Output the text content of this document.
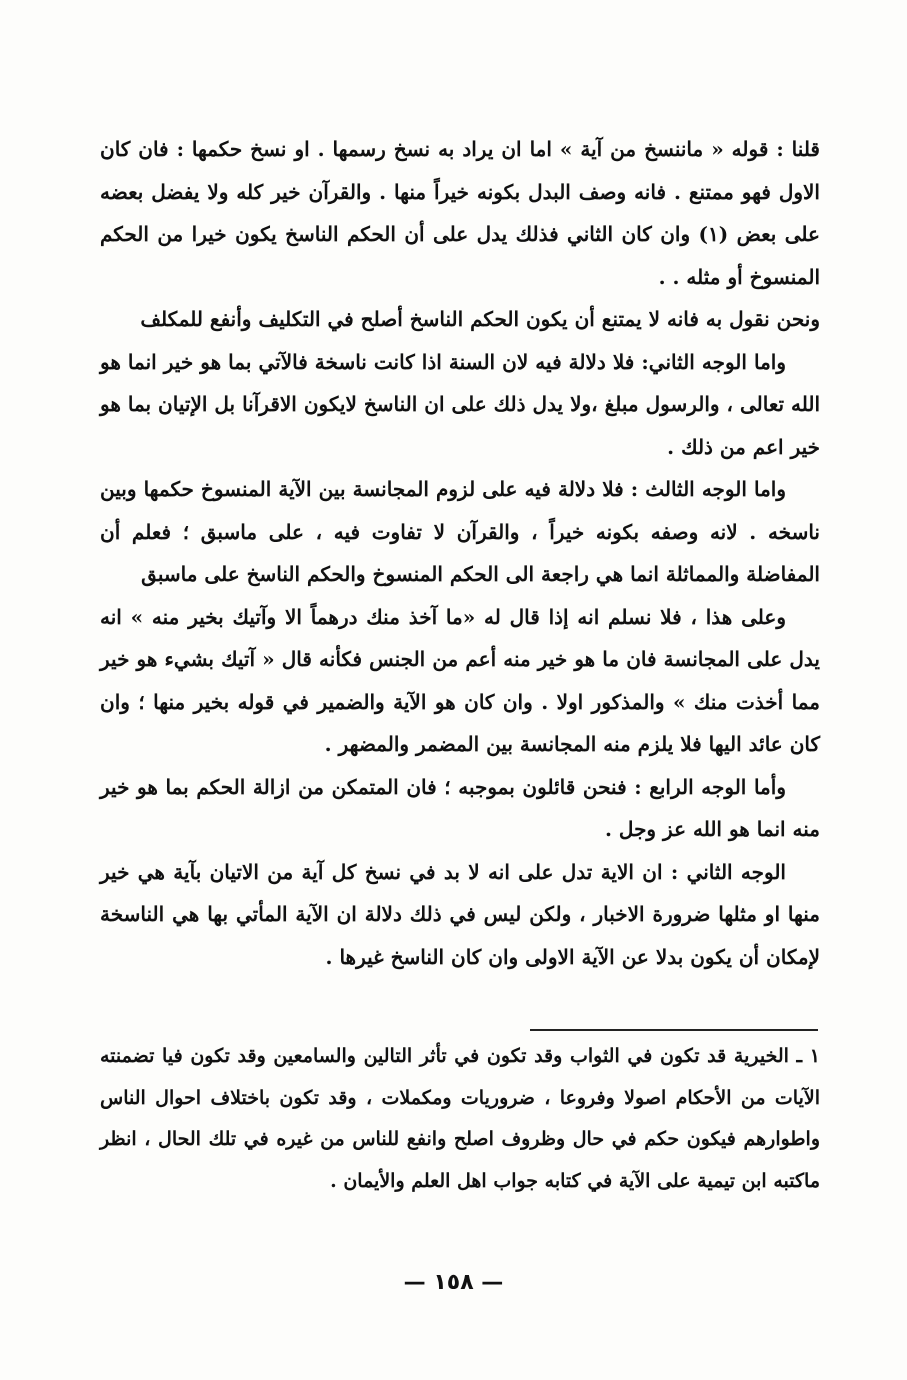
قلنا : قوله « ماننسخ من آية » اما ان يراد به نسخ رسمها . او نسخ حكمها : فان كان الاول فهو ممتنع . فانه وصف البدل بكونه خيراً منها . والقرآن خير كله ولا يفضل بعضه على بعض (١) وان كان الثاني فذلك يدل على أن الحكم الناسخ يكون خيرا من الحكم المنسوخ أو مثله . .

ونحن نقول به فانه لا يمتنع أن يكون الحكم الناسخ أصلح في التكليف وأنفع للمكلف

واما الوجه الثاني: فلا دلالة فيه لان السنة اذا كانت ناسخة فالآتي بما هو خير انما هو الله تعالى ، والرسول مبلغ ،ولا يدل ذلك على ان الناسخ لايكون الاقرآنا بل الإتيان بما هو خير اعم من ذلك .

واما الوجه الثالث : فلا دلالة فيه على لزوم المجانسة بين الآية المنسوخ حكمها وبين ناسخه . لانه وصفه بكونه خيراً ، والقرآن لا تفاوت فيه ، على ماسبق ؛ فعلم أن المفاضلة والمماثلة انما هي راجعة الى الحكم المنسوخ والحكم الناسخ على ماسبق

وعلى هذا ، فلا نسلم انه إذا قال له «ما آخذ منك درهماً الا وآتيك بخير منه » انه يدل على المجانسة فان ما هو خير منه أعم من الجنس فكأنه قال « آتيك بشيء هو خير مما أخذت منك » والمذكور اولا . وان كان هو الآية والضمير في قوله بخير منها ؛ وان كان عائد اليها فلا يلزم منه المجانسة بين المضمر والمضهر .

وأما الوجه الرابع : فنحن قائلون بموجبه ؛ فان المتمكن من ازالة الحكم بما هو خير منه انما هو الله عز وجل .

الوجه الثاني : ان الاية تدل على انه لا بد في نسخ كل آية من الاتيان بآية هي خير منها او مثلها ضرورة الاخبار ، ولكن ليس في ذلك دلالة ان الآية المأتي بها هي الناسخة لإمكان أن يكون بدلا عن الآية الاولى وان كان الناسخ غيرها .

١ ـ الخيرية قد تكون في الثواب وقد تكون في تأثر التالين والسامعين وقد تكون فيا تضمنته الآيات من الأحكام اصولا وفروعا ، ضروريات ومكملات ، وقد تكون باختلاف احوال الناس واطوارهم فيكون حكم في حال وظروف اصلح وانفع للناس من غيره في تلك الحال ، انظر ماكتبه ابن تيمية على الآية في كتابه جواب اهل العلم والأيمان .

— ١٥٨ —
